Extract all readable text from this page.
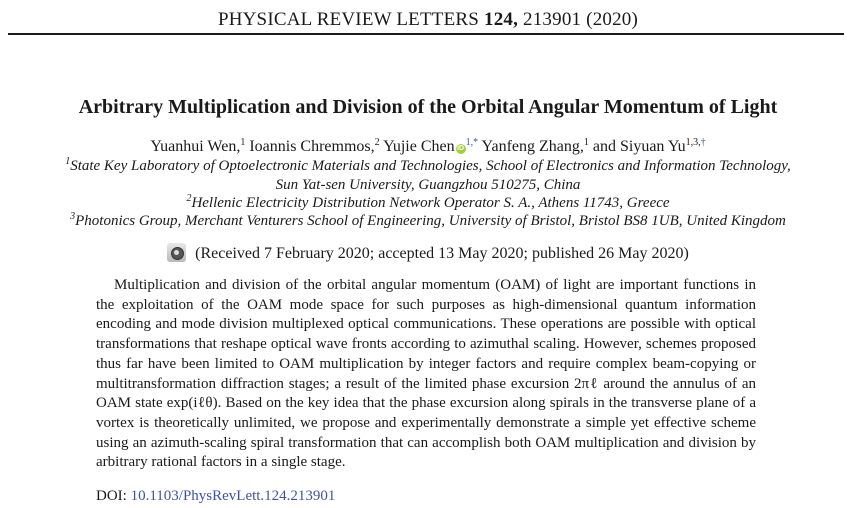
PHYSICAL REVIEW LETTERS 124, 213901 (2020)
Arbitrary Multiplication and Division of the Orbital Angular Momentum of Light
Yuanhui Wen,$^1$ Ioannis Chremmos,$^2$ Yujie Chen $iD^{1,*}$ Yanfeng Zhang,$^1$ and Siyuan $Yu^{1,3,\dagger}$
$^1$State Key Laboratory of Optoelectronic Materials and Technologies, School of Electronics and Information Technology,
Sun Yat-sen University, Guangzhou 510275, China
$^2$Hellenic Electricity Distribution Network Operator S. A., Athens 11743, Greece
$^3$Photonics Group, Merchant Venturers School of Engineering, University of Bristol, Bristol BS8 1UB, United Kingdom
(Received 7 February 2020; accepted 13 May 2020; published 26 May 2020)

Multiplication and division of the orbital angular momentum (OAM) of light are important functions in the exploitation of the OAM mode space for such purposes as high-dimensional quantum information encoding and mode division multiplexed optical communications. These operations are possible with optical transformations that reshape optical wave fronts according to azimuthal scaling. However, schemes proposed thus far have been limited to OAM multiplication by integer factors and require complex beam-copying or multitransformation diffraction stages; a result of the limited phase excursion 2πℓ around the annulus of an OAM state exp(iℓθ). Based on the key idea that the phase excursion along spirals in the transverse plane of a vortex is theoretically unlimited, we propose and experimentally demonstrate a simple yet effective scheme using an azimuth-scaling spiral transformation that can accomplish both OAM multiplication and division by arbitrary rational factors in a single stage.

DOI: 10.1103/PhysRevLett.124.213901
